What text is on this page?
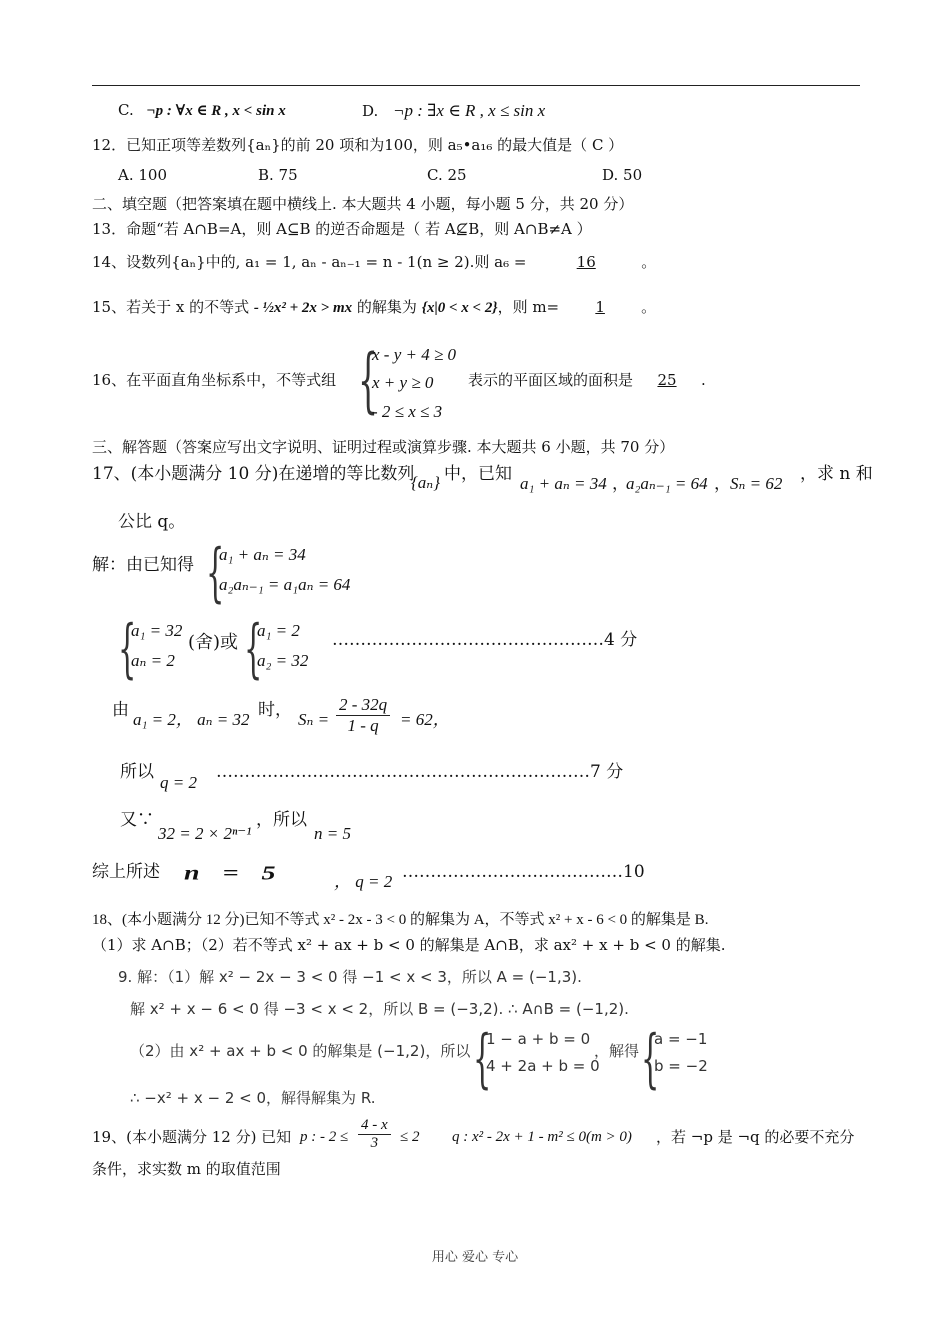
C. ¬p : ∀x ∈ R , x < sin x	D. ¬p : ∃x ∈ R , x ≤ sin x
12．已知正项等差数列{aₙ}的前 20 项和为100，则 a₅•a₁₆ 的最大值是（ C ）
A. 100	B. 75	C. 25	D. 50
二、填空题（把答案填在题中横线上. 本大题共 4 小题，每小题 5 分，共 20 分）
13．命题“若 A∩B=A，则 A⊆B 的逆否命题是（ 若 A⊈B，则 A∩B≠A ）
14、设数列{aₙ}中的, a₁ = 1, aₙ - aₙ₋₁ = n - 1(n ≥ 2).则 a₆ =	16	。
15、若关于 x 的不等式 - ½x² + 2x > mx 的解集为 {x|0 < x < 2}，则 m= 1 。
16、在平面直角坐标系中，不等式组 {
x - y + 4 ≥ 0
x + y ≥ 0
- 2 ≤ x ≤ 3
表示的平面区域的面积是 25 .
三、解答题（答案应写出文字说明、证明过程或演算步骤. 本大题共 6 小题，共 70 分）
17、(本小题满分 10 分)在递增的等比数列
{aₙ} 中，已知 a₁ + aₙ = 34 ，
a₂aₙ₋₁ = 64 ， Sₙ = 62 ，求 n 和
公比 q。
解：由已知得 {
a₁ + aₙ = 34
a₂aₙ₋₁ = a₁aₙ = 64
{
a₁ = 32
aₙ = 2
(舍)或 {
a₁ = 2
a₂ = 32
…………………………………………4 分
由 a₁ = 2， aₙ = 32 时， $S_n = \frac{2 - 32q}{1 - q} = 62$，
所以
q = 2
…………………………………………………………7 分
又∵
32 = 2 × 2ⁿ⁻¹
，所以
n = 5
综上所述 n = 5	， q = 2 …………………………………10
18、(本小题满分 12 分)已知不等式 x² - 2x - 3 < 0 的解集为 A，不等式 x² + x - 6 < 0 的解集是 B.
（1）求 A∩B；（2）若不等式 x² + ax + b < 0 的解集是 A∩B，求 ax² + x + b < 0 的解集.
9. 解：（1）解 x² − 2x − 3 < 0 得 −1 < x < 3，所以 A = (−1,3).
解 x² + x − 6 < 0 得 −3 < x < 2，所以 B = (−3,2). ∴ A∩B = (−1,2).
（2）由 x² + ax + b < 0 的解集是 (−1,2)，所以 {
1 − a + b = 0
4 + 2a + b = 0
，解得 {
a = −1
b = −2
∴ −x² + x − 2 < 0，解得解集为 R.
19、(本小题满分 12 分) 已知 p : - $2 \le \frac{4 - x}{3} \le 2$ q : x² - 2x + 1 - m² ≤ 0(m > 0) ，若 ¬p 是 ¬q 的必要不充分
条件，求实数 m 的取值范围
用心 爱心 专心
